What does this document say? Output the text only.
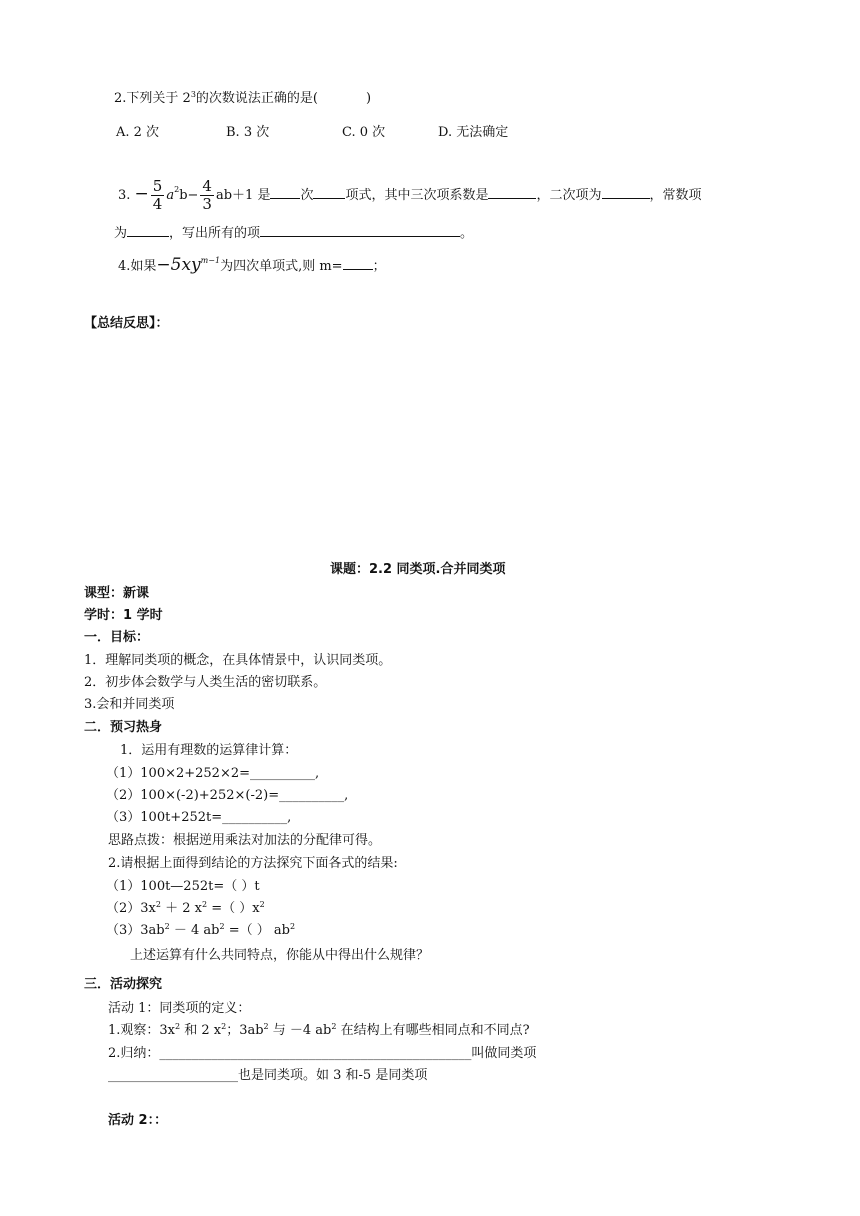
2.下列关于 $2^3$的次数说法正确的是(	)
A. 2 次	B. 3 次	C. 0 次	D. 无法确定
3. − $\frac{5}{4} a^2b- \frac{4}{3} ab+1$ 是 次 项式，其中三次项系数是	，二次项为	，常数项
为	，写出所有的项	。
4.如果$-5xy^{m-1}$为四次单项式,则 m= ；
【总结反思】：
课题：2.2 同类项.合并同类项
课型：新课
学时：1 学时
一．目标：
1．理解同类项的概念，在具体情景中，认识同类项。
2．初步体会数学与人类生活的密切联系。
3.会和并同类项
二．预习热身
1．运用有理数的运算律计算：
（1）100×2+252×2=__________,
（2）100×(-2)+252×(-2)=__________,
（3）100t+252t=__________,
思路点拨：根据逆用乘法对加法的分配律可得。
2.请根据上面得到结论的方法探究下面各式的结果:
（1）100t—252t=（ ）t
$(2)3x^2 + 2$ $x^2$ =（ ）$x^2$
$(3)3ab^2 - 4$ $ab^2$ =（ ） $ab^2$
上述运算有什么共同特点，你能从中得出什么规律？
三．活动探究
活动 1：同类项的定义：
1.观察：$3x^2$ 和 2 $x^2$；$3ab^2$ 与 －4 $ab^2$ 在结构上有哪些相同点和不同点?
2.归纳：________________________________________________叫做同类项
____________________也是同类项。如 3 和-5 是同类项
活动 2：：
